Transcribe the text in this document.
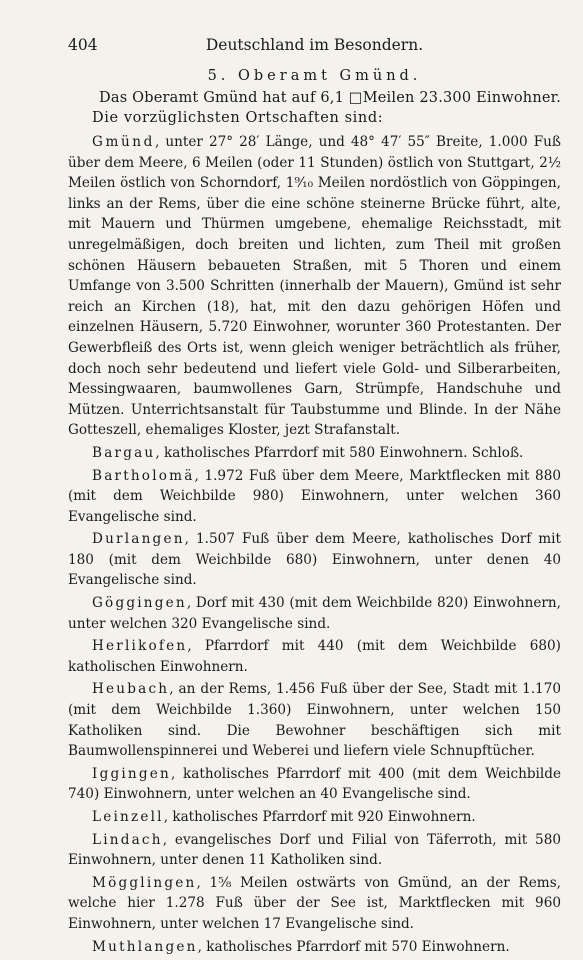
404	Deutschland im Besondern.
5. Oberamt Gmünd.
Das Oberamt Gmünd hat auf 6,1 □Meilen 23.300 Einwohner.
Die vorzüglichsten Ortschaften sind:

Gmünd, unter 27° 28′ Länge, und 48° 47′ 55″ Breite, 1.000 Fuß über dem Meere, 6 Meilen (oder 11 Stunden) östlich von Stuttgart, 2½ Meilen östlich von Schorndorf, 1⁹⁄₁₀ Meilen nordöstlich von Göppingen, links an der Rems, über die eine schöne steinerne Brücke führt, alte, mit Mauern und Thürmen umgebene, ehemalige Reichsstadt, mit unregelmäßigen, doch breiten und lichten, zum Theil mit großen schönen Häusern bebaueten Straßen, mit 5 Thoren und einem Umfange von 3.500 Schritten (innerhalb der Mauern), Gmünd ist sehr reich an Kirchen (18), hat, mit den dazu gehörigen Höfen und einzelnen Häusern, 5.720 Einwohner, worunter 360 Protestanten. Der Gewerbfleiß des Orts ist, wenn gleich weniger beträchtlich als früher, doch noch sehr bedeutend und liefert viele Gold- und Silberarbeiten, Messingwaaren, baumwollenes Garn, Strümpfe, Handschuhe und Mützen. Unterrichtsanstalt für Taubstumme und Blinde. In der Nähe Gotteszell, ehemaliges Kloster, jezt Strafanstalt.

Bargau, katholisches Pfarrdorf mit 580 Einwohnern. Schloß.

Bartholomä, 1.972 Fuß über dem Meere, Marktflecken mit 880 (mit dem Weichbilde 980) Einwohnern, unter welchen 360 Evangelische sind.

Durlangen, 1.507 Fuß über dem Meere, katholisches Dorf mit 180 (mit dem Weichbilde 680) Einwohnern, unter denen 40 Evangelische sind.

Göggingen, Dorf mit 430 (mit dem Weichbilde 820) Einwohnern, unter welchen 320 Evangelische sind.

Herlikofen, Pfarrdorf mit 440 (mit dem Weichbilde 680) katholischen Einwohnern.

Heubach, an der Rems, 1.456 Fuß über der See, Stadt mit 1.170 (mit dem Weichbilde 1.360) Einwohnern, unter welchen 150 Katholiken sind. Die Bewohner beschäftigen sich mit Baumwollenspinnerei und Weberei und liefern viele Schnupftücher.

Iggingen, katholisches Pfarrdorf mit 400 (mit dem Weichbilde 740) Einwohnern, unter welchen an 40 Evangelische sind.

Leinzell, katholisches Pfarrdorf mit 920 Einwohnern.

Lindach, evangelisches Dorf und Filial von Täferroth, mit 580 Einwohnern, unter denen 11 Katholiken sind.

Mögglingen, 1⁵⁄₈ Meilen ostwärts von Gmünd, an der Rems, welche hier 1.278 Fuß über der See ist, Marktflecken mit 960 Einwohnern, unter welchen 17 Evangelische sind.

Muthlangen, katholisches Pfarrdorf mit 570 Einwohnern.
